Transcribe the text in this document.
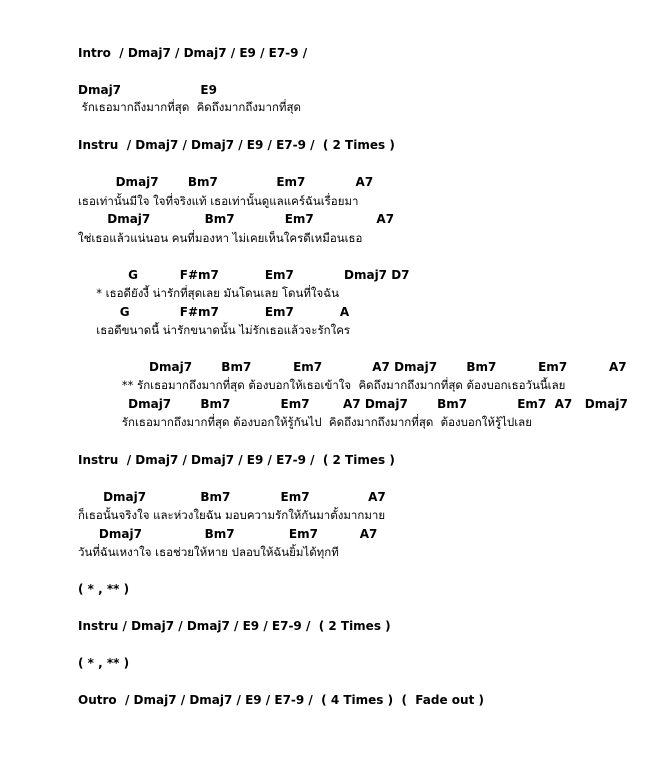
Intro  / Dmaj7 / Dmaj7 / E9 / E7-9 /
Dmaj7                   E9
รักเธอมากถึงมากที่สุด  คิดถึงมากถึงมากที่สุด
Instru  / Dmaj7 / Dmaj7 / E9 / E7-9 /  ( 2 Times )
Dmaj7       Bm7              Em7            A7
เธอเท่านั้นมีใจ ใจที่จริงแท้ เธอเท่านั้นดูแลแคร์ฉันเรื่อยมา
Dmaj7             Bm7            Em7               A7
ใช่เธอแล้วแน่นอน คนที่มองหา ไม่เคยเห็นใครดีเหมือนเธอ
G          F#m7           Em7            Dmaj7 D7
* เธอดียังงี้ น่ารักที่สุดเลย มันโดนเลย โดนที่ใจฉัน
G            F#m7           Em7           A
เธอดีขนาดนี้ น่ารักขนาดนั้น ไม่รักเธอแล้วจะรักใคร
Dmaj7       Bm7          Em7            A7 Dmaj7       Bm7          Em7          A7
** รักเธอมากถึงมากที่สุด ต้องบอกให้เธอเข้าใจ  คิดถึงมากถึงมากที่สุด ต้องบอกเธอวันนี้เลย
Dmaj7       Bm7            Em7        A7 Dmaj7       Bm7            Em7  A7   Dmaj7
รักเธอมากถึงมากที่สุด ต้องบอกให้รู้กันไป  คิดถึงมากถึงมากที่สุด  ต้องบอกให้รู้ไปเลย
Instru  / Dmaj7 / Dmaj7 / E9 / E7-9 /  ( 2 Times )
Dmaj7             Bm7            Em7              A7
ก็เธอนั้นจริงใจ และห่วงใยฉัน มอบความรักให้กันมาตั้งมากมาย
Dmaj7               Bm7             Em7          A7
วันที่ฉันเหงาใจ เธอช่วยให้หาย ปลอบให้ฉันยิ้มได้ทุกที
( * , ** )
Instru / Dmaj7 / Dmaj7 / E9 / E7-9 /  ( 2 Times )
( * , ** )
Outro  / Dmaj7 / Dmaj7 / E9 / E7-9 /  ( 4 Times )  (  Fade out )
